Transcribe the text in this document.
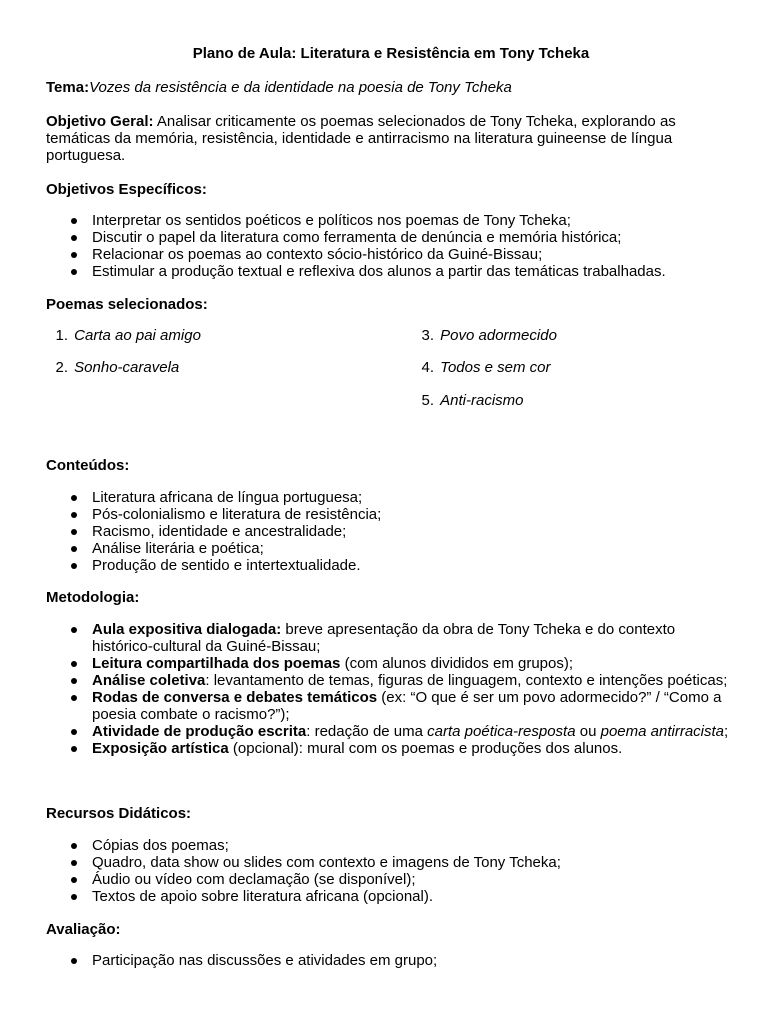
Plano de Aula: Literatura e Resistência em Tony Tcheka
Tema:Vozes da resistência e da identidade na poesia de Tony Tcheka
Objetivo Geral: Analisar criticamente os poemas selecionados de Tony Tcheka, explorando as temáticas da memória, resistência, identidade e antirracismo na literatura guineense de língua portuguesa.
Objetivos Específicos:
Interpretar os sentidos poéticos e políticos nos poemas de Tony Tcheka;
Discutir o papel da literatura como ferramenta de denúncia e memória histórica;
Relacionar os poemas ao contexto sócio-histórico da Guiné-Bissau;
Estimular a produção textual e reflexiva dos alunos a partir das temáticas trabalhadas.
Poemas selecionados:
1. Carta ao pai amigo
2. Sonho-caravela
3. Povo adormecido
4. Todos e sem cor
5. Anti-racismo
Conteúdos:
Literatura africana de língua portuguesa;
Pós-colonialismo e literatura de resistência;
Racismo, identidade e ancestralidade;
Análise literária e poética;
Produção de sentido e intertextualidade.
Metodologia:
Aula expositiva dialogada: breve apresentação da obra de Tony Tcheka e do contexto histórico-cultural da Guiné-Bissau;
Leitura compartilhada dos poemas (com alunos divididos em grupos);
Análise coletiva: levantamento de temas, figuras de linguagem, contexto e intenções poéticas;
Rodas de conversa e debates temáticos (ex: “O que é ser um povo adormecido?” / “Como a poesia combate o racismo?”);
Atividade de produção escrita: redação de uma carta poética-resposta ou poema antirracista;
Exposição artística (opcional): mural com os poemas e produções dos alunos.
Recursos Didáticos:
Cópias dos poemas;
Quadro, data show ou slides com contexto e imagens de Tony Tcheka;
Áudio ou vídeo com declamação (se disponível);
Textos de apoio sobre literatura africana (opcional).
Avaliação:
Participação nas discussões e atividades em grupo;
